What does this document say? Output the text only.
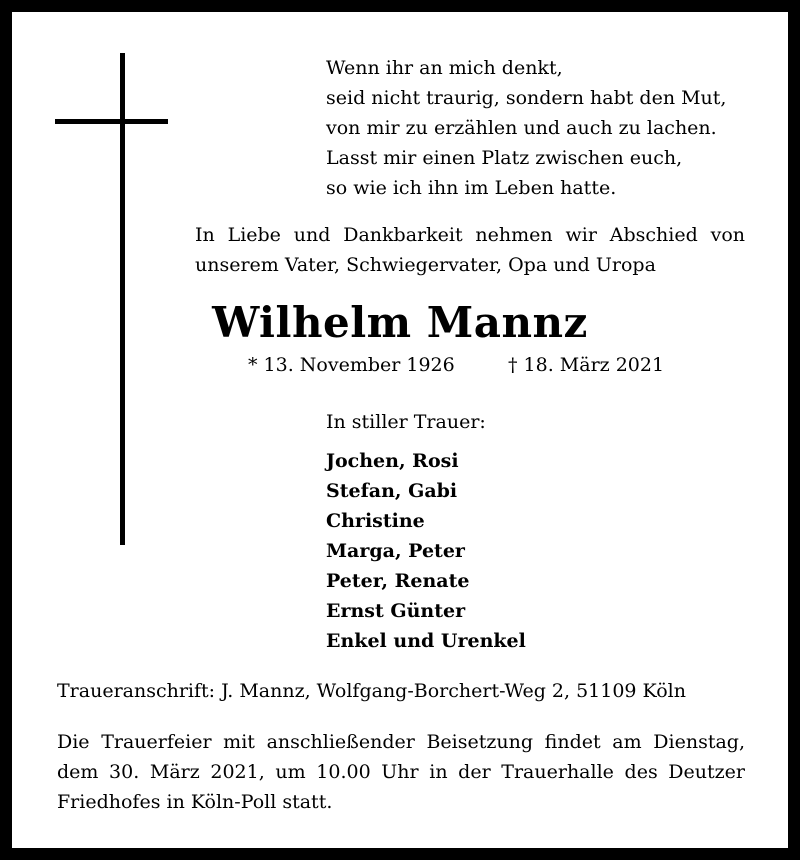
Wenn ihr an mich denkt,
seid nicht traurig, sondern habt den Mut,
von mir zu erzählen und auch zu lachen.
Lasst mir einen Platz zwischen euch,
so wie ich ihn im Leben hatte.
In Liebe und Dankbarkeit nehmen wir Abschied von unserem Vater, Schwiegervater, Opa und Uropa
Wilhelm Mannz
* 13. November 1926	† 18. März 2021
In stiller Trauer:
Jochen, Rosi
Stefan, Gabi
Christine
Marga, Peter
Peter, Renate
Ernst Günter
Enkel und Urenkel
Traueranschrift: J. Mannz, Wolfgang-Borchert-Weg 2, 51109 Köln
Die Trauerfeier mit anschließender Beisetzung findet am Dienstag, dem 30. März 2021, um 10.00 Uhr in der Trauerhalle des Deutzer Friedhofes in Köln-Poll statt.
